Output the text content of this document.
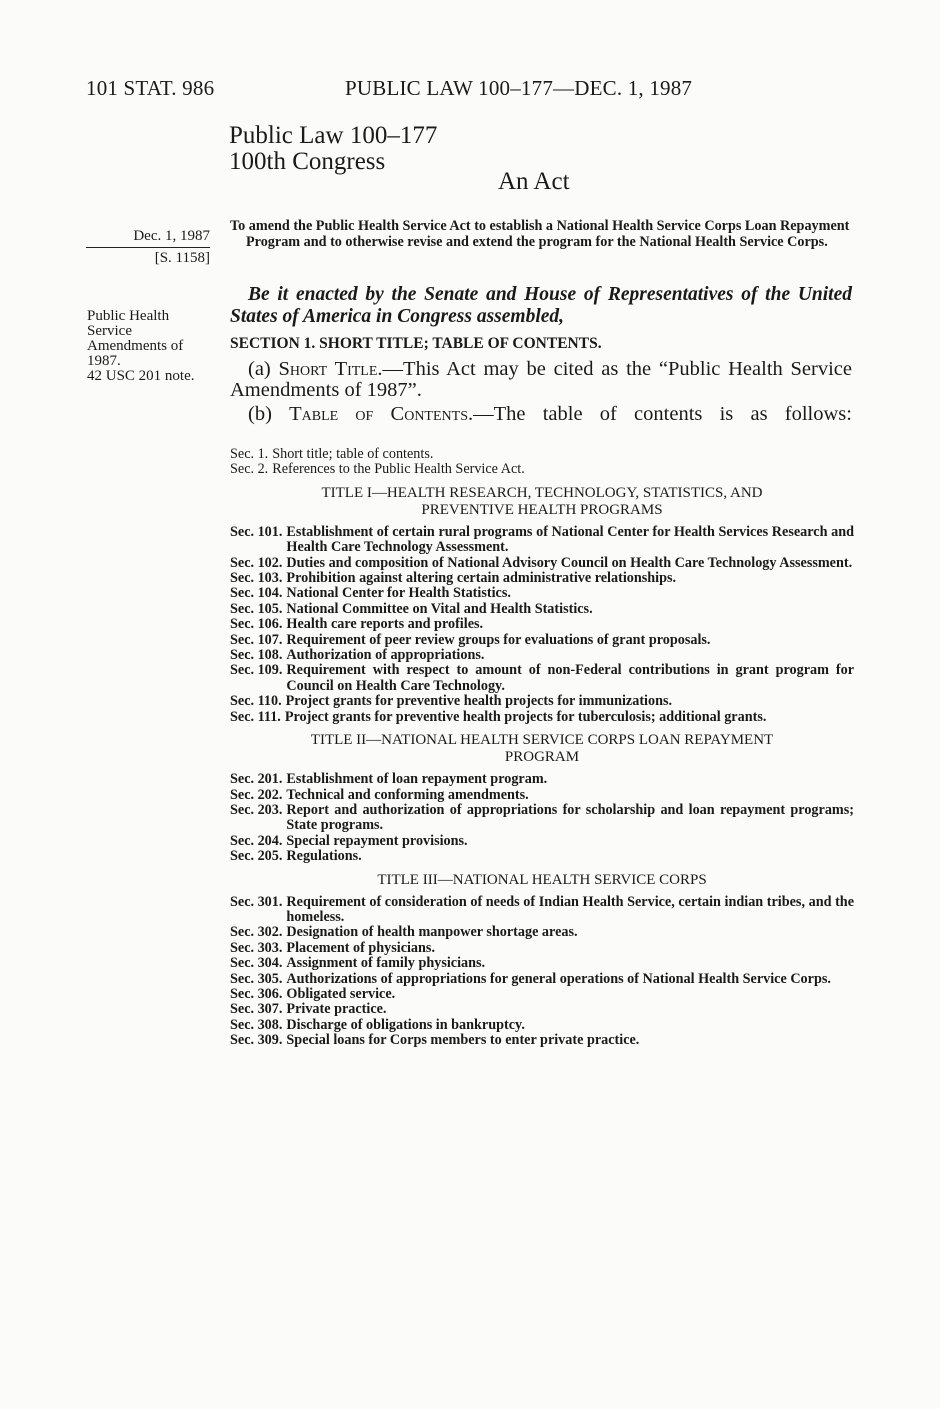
101 STAT. 986	PUBLIC LAW 100–177—DEC. 1, 1987
Public Law 100–177
100th Congress
An Act
Dec. 1, 1987
[S. 1158]
Public Health
Service
Amendments of
1987.
42 USC 201 note.
To amend the Public Health Service Act to establish a National Health Service Corps Loan Repayment Program and to otherwise revise and extend the program for the National Health Service Corps.
Be it enacted by the Senate and House of Representatives of the United States of America in Congress assembled,
SECTION 1. SHORT TITLE; TABLE OF CONTENTS.
(a) Short Title.—This Act may be cited as the “Public Health Service Amendments of 1987”.
(b) Table of Contents.—The table of contents is as follows:
Sec. 1. Short title; table of contents.
Sec. 2. References to the Public Health Service Act.
TITLE I—HEALTH RESEARCH, TECHNOLOGY, STATISTICS, AND PREVENTIVE HEALTH PROGRAMS
Sec. 101. Establishment of certain rural programs of National Center for Health Services Research and Health Care Technology Assessment.
Sec. 102. Duties and composition of National Advisory Council on Health Care Technology Assessment.
Sec. 103. Prohibition against altering certain administrative relationships.
Sec. 104. National Center for Health Statistics.
Sec. 105. National Committee on Vital and Health Statistics.
Sec. 106. Health care reports and profiles.
Sec. 107. Requirement of peer review groups for evaluations of grant proposals.
Sec. 108. Authorization of appropriations.
Sec. 109. Requirement with respect to amount of non-Federal contributions in grant program for Council on Health Care Technology.
Sec. 110. Project grants for preventive health projects for immunizations.
Sec. 111. Project grants for preventive health projects for tuberculosis; additional grants.
TITLE II—NATIONAL HEALTH SERVICE CORPS LOAN REPAYMENT PROGRAM
Sec. 201. Establishment of loan repayment program.
Sec. 202. Technical and conforming amendments.
Sec. 203. Report and authorization of appropriations for scholarship and loan repayment programs; State programs.
Sec. 204. Special repayment provisions.
Sec. 205. Regulations.
TITLE III—NATIONAL HEALTH SERVICE CORPS
Sec. 301. Requirement of consideration of needs of Indian Health Service, certain indian tribes, and the homeless.
Sec. 302. Designation of health manpower shortage areas.
Sec. 303. Placement of physicians.
Sec. 304. Assignment of family physicians.
Sec. 305. Authorizations of appropriations for general operations of National Health Service Corps.
Sec. 306. Obligated service.
Sec. 307. Private practice.
Sec. 308. Discharge of obligations in bankruptcy.
Sec. 309. Special loans for Corps members to enter private practice.
